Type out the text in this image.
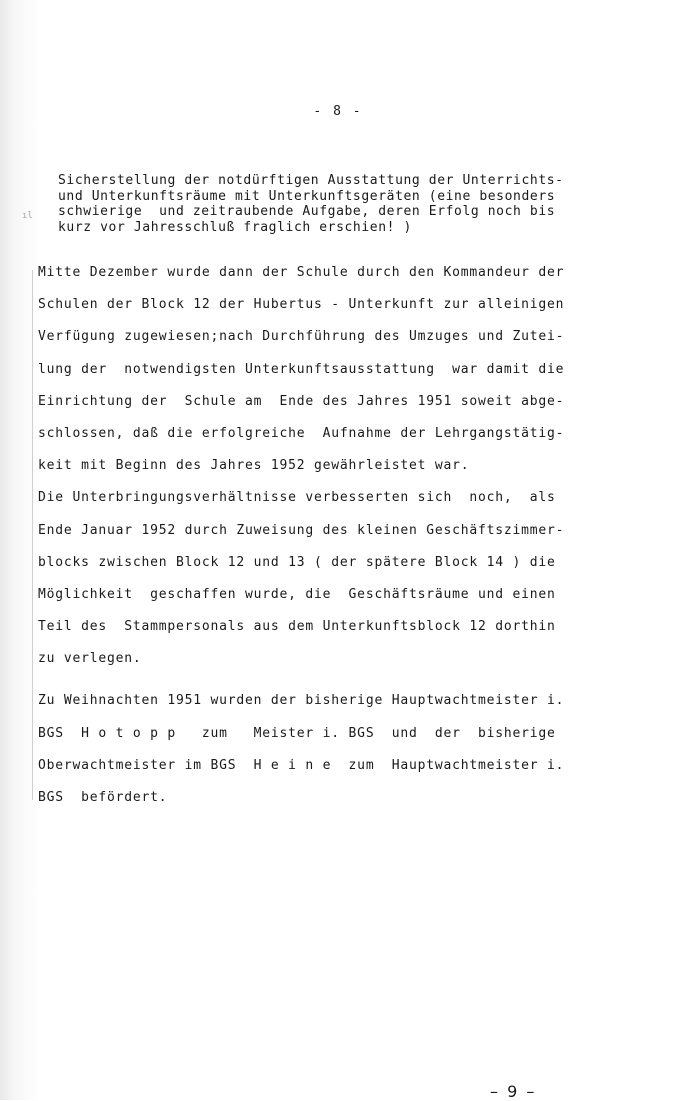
ıl
- 8 -
Sicherstellung der notdürftigen Ausstattung der Unterrichts-
und Unterkunftsräume mit Unterkunftsgeräten (eine besonders
schwierige  und zeitraubende Aufgabe, deren Erfolg noch bis
kurz vor Jahresschluß fraglich erschien! )
Mitte Dezember wurde dann der Schule durch den Kommandeur der
Schulen der Block 12 der Hubertus - Unterkunft zur alleinigen
Verfügung zugewiesen;nach Durchführung des Umzuges und Zutei-
lung der  notwendigsten Unterkunftsausstattung  war damit die
Einrichtung der  Schule am  Ende des Jahres 1951 soweit abge-
schlossen, daß die erfolgreiche  Aufnahme der Lehrgangstätig-
keit mit Beginn des Jahres 1952 gewährleistet war.
Die Unterbringungsverhältnisse verbesserten sich  noch,  als
Ende Januar 1952 durch Zuweisung des kleinen Geschäftszimmer-
blocks zwischen Block 12 und 13 ( der spätere Block 14 ) die
Möglichkeit  geschaffen wurde, die  Geschäftsräume und einen
Teil des  Stammpersonals aus dem Unterkunftsblock 12 dorthin
zu verlegen.
Zu Weihnachten 1951 wurden der bisherige Hauptwachtmeister i.
BGS  H o t o p p   zum   Meister i. BGS  und  der  bisherige
Oberwachtmeister im BGS  H e i n e  zum  Hauptwachtmeister i.
BGS  befördert.
– 9 –
